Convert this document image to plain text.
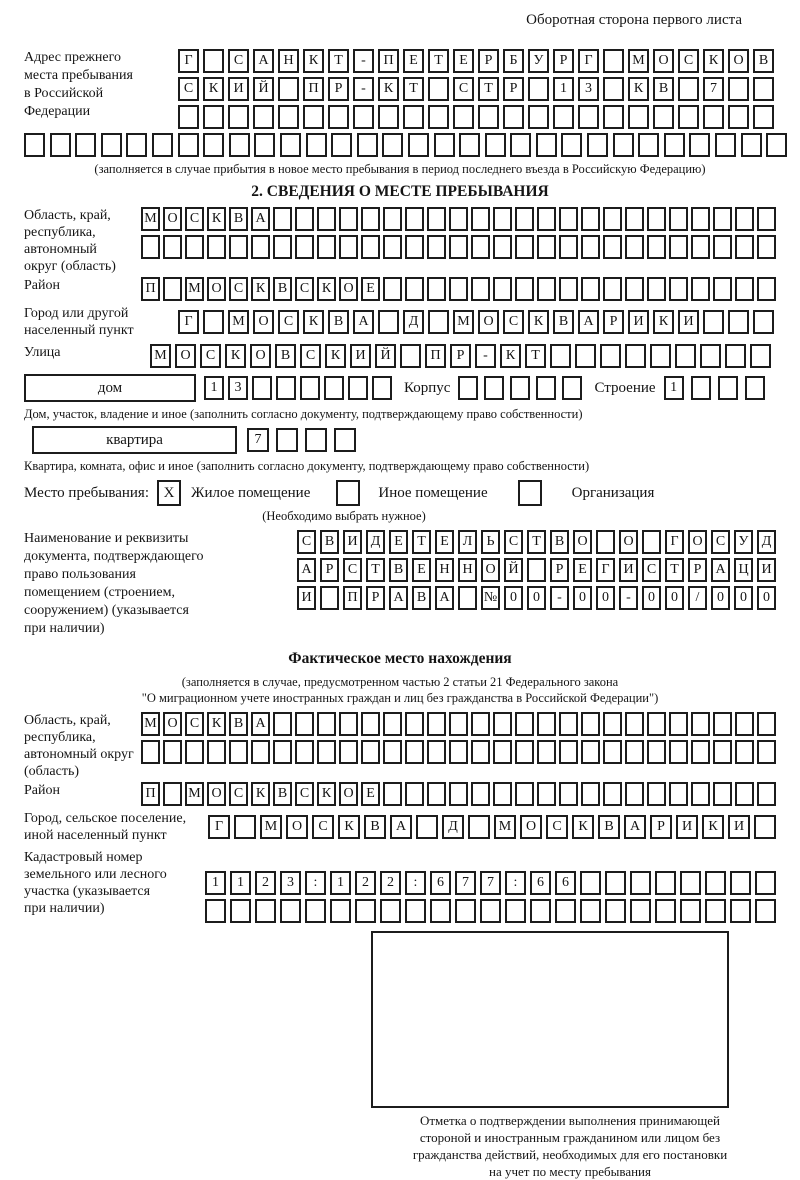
Оборотная сторона первого листа
Адрес прежнего
места пребывания
в Российской
Федерации
Г	С	А	Н	К	Т	-	П	Е	Т	Е	Р	Б	У	Р	Г	М О	С	К	О	В
С	К	И	Й	П	Р	-	К	Т	С	Т	Р	1	3	К	В	7
(заполняется в случае прибытия в новое место пребывания в период последнего въезда в Российскую Федерацию)
2. СВЕДЕНИЯ О МЕСТЕ ПРЕБЫВАНИЯ
Область, край,
республика,
автономный
округ (область)
М О С К В А
Район	П	М О С К В С К О Е
Город или другой
населенный пункт
Г	М О	С	К	В	А	Д	М О	С	К	В	А	Р	И	К	И
Улица	М О	С	К	О	В	С	К	И	Й	П	Р	-	К	Т
дом	1	3	Корпус	Строение	1
Дом, участок, владение и иное (заполнить согласно документу, подтверждающему право собственности)
квартира	7
Квартира, комната, офис и иное (заполнить согласно документу, подтверждающему право собственности)
Место пребывания: X	Жилое помещение	Иное помещение	Организация
(Необходимо выбрать нужное)
Наименование и реквизиты
документа, подтверждающего
право пользования
помещением (строением,
сооружением) (указывается
при наличии)
С В И Д Е	Т	Е Л	Ь	С	Т	В О	О	Г О С У Д
А	Р	С	Т	В	Е Н Н О Й	Р	Е	Г И С	Т	Р	А Ц И
И	П	Р	А В А	№ 0	0	-	0	0	-	0	0	/	0	0	0
Фактическое место нахождения
(заполняется в случае, предусмотренном частью 2 статьи 21 Федерального закона
"О миграционном учете иностранных граждан и лиц без гражданства в Российской Федерации")
Область, край,
республика,
автономный округ
(область)
М О С К В А
Район	П	М О С К В С К О Е
Город, сельское поселение,
иной населенный пункт
Г	М	О	С	К	В	А	Д	М	О	С	К	В	А	Р	И	К	И
Кадастровый номер
земельного или лесного
участка (указывается
при наличии)
1	1	2	3	:	1	2	2	:	6	7	7	:	6	6
Отметка о подтверждении выполнения принимающей
стороной и иностранным гражданином или лицом без
гражданства действий, необходимых для его постановки
на учет по месту пребывания
